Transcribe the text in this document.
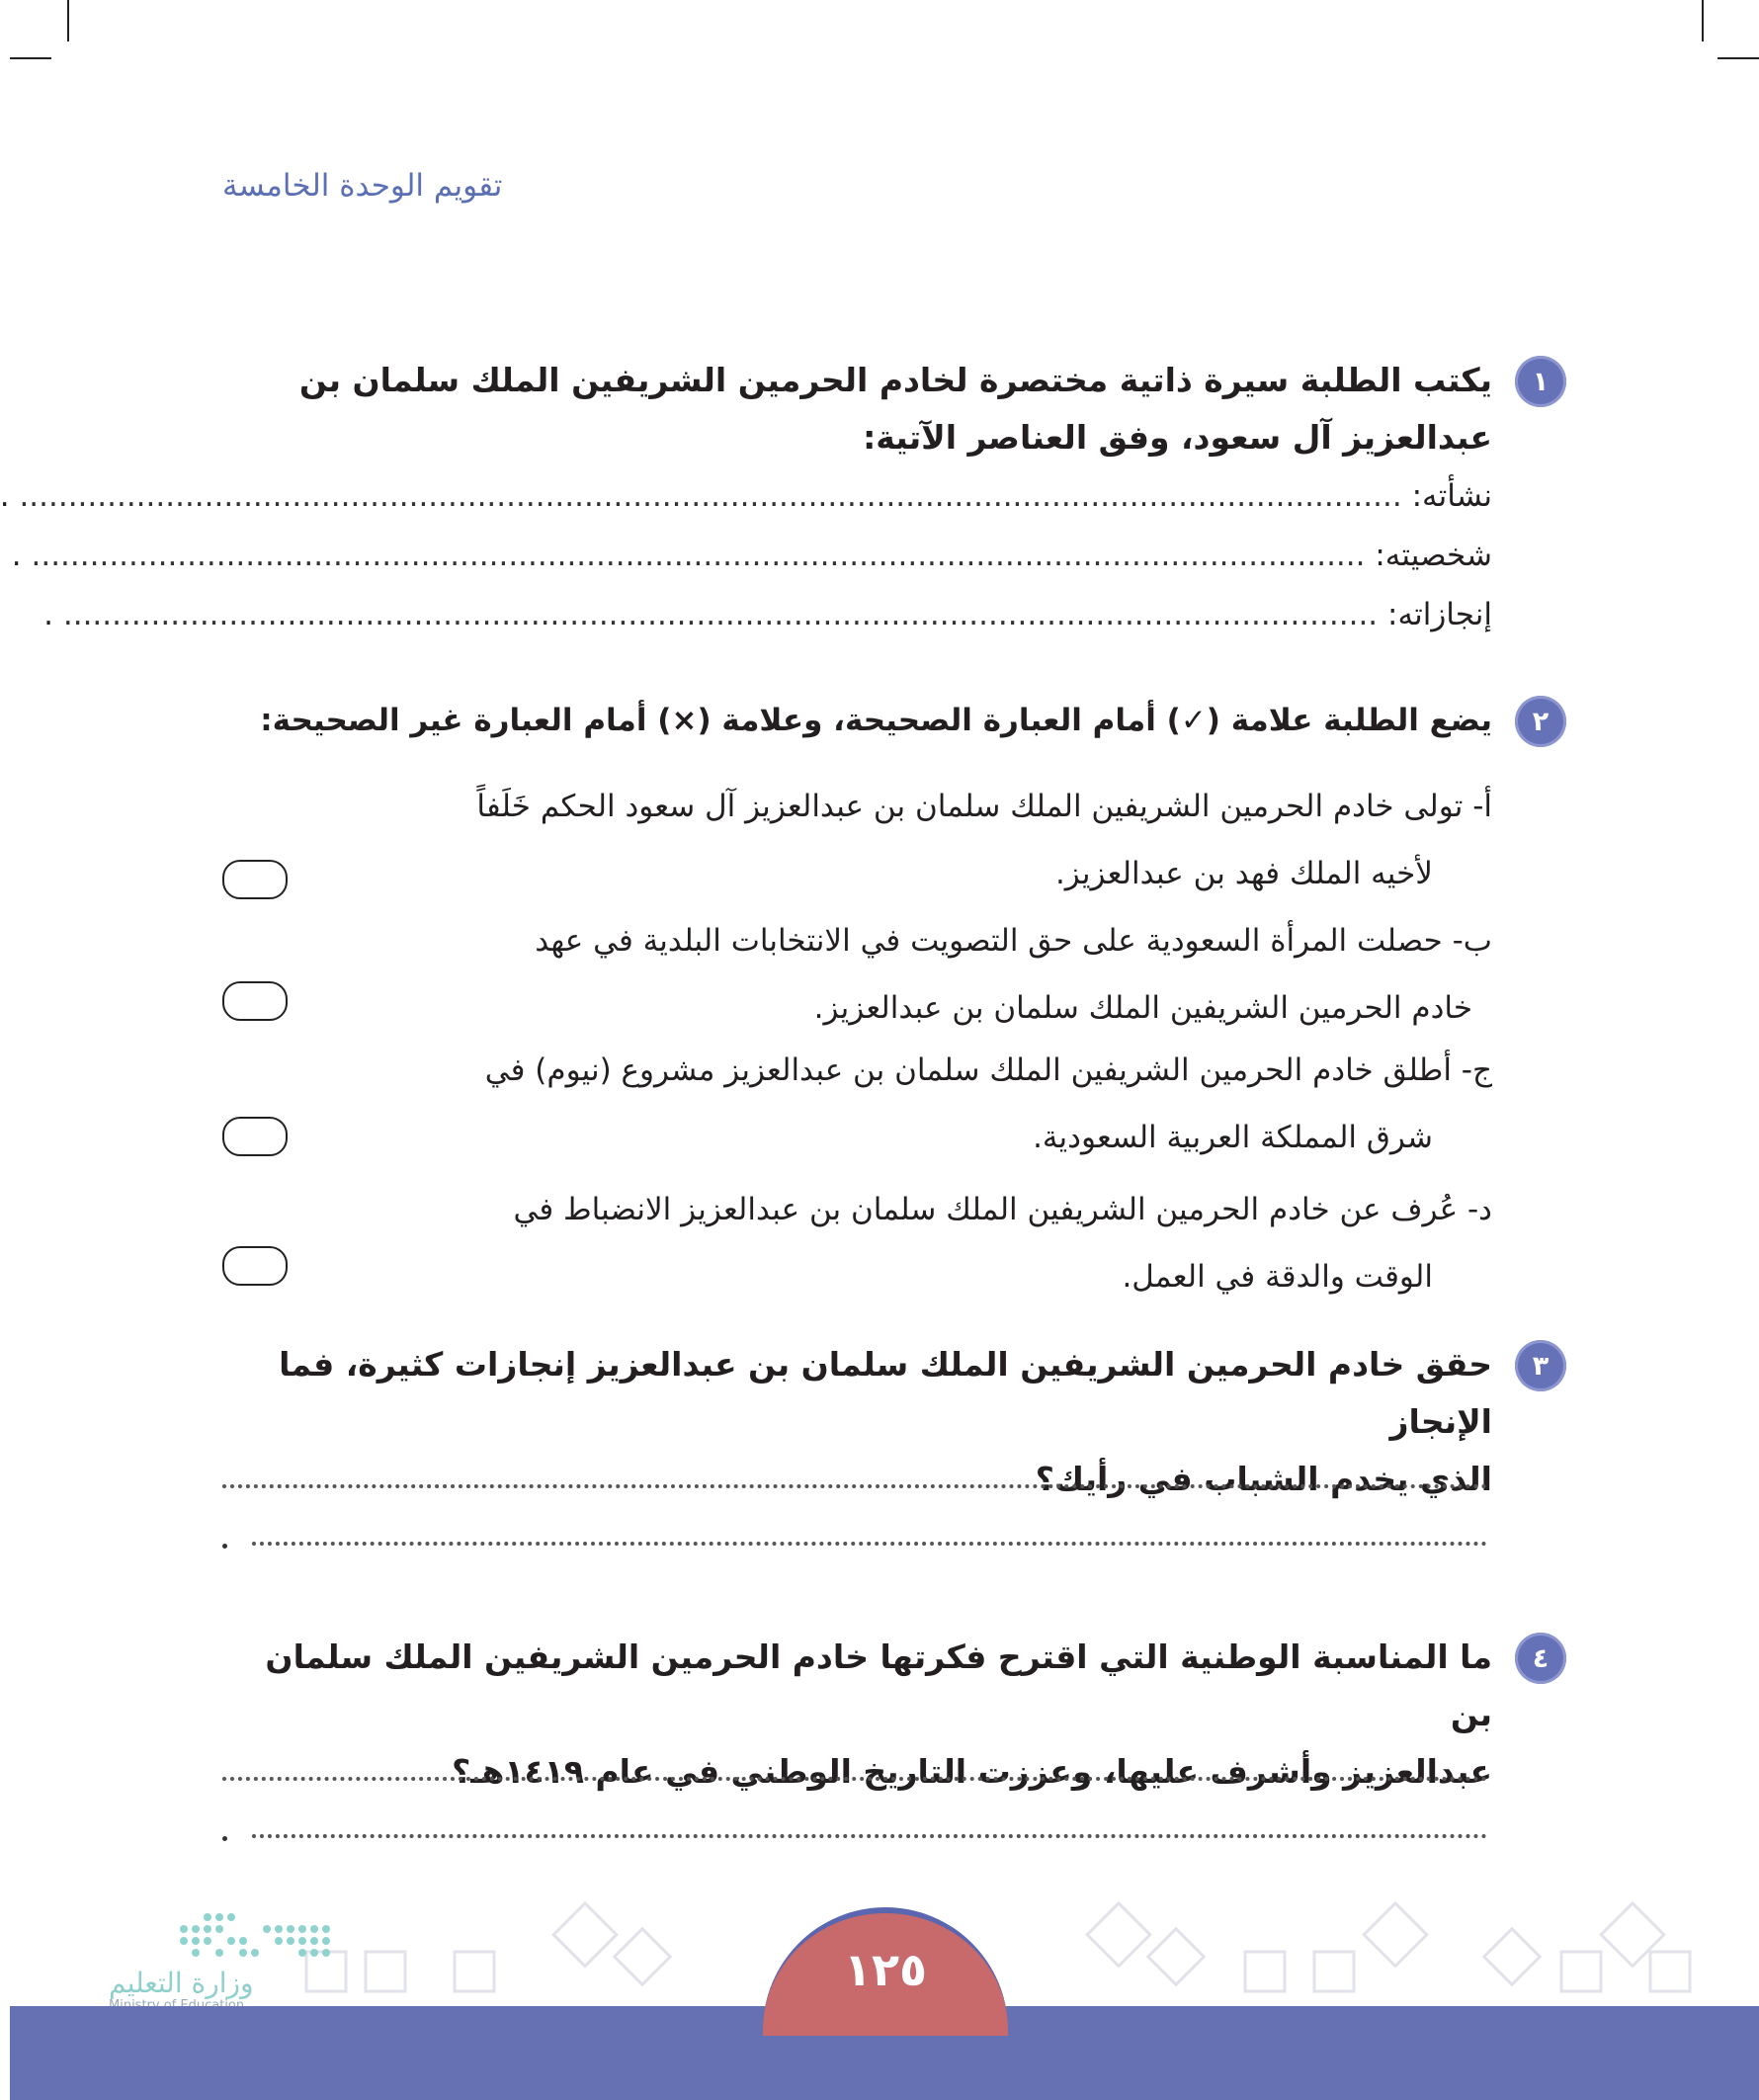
تقويم الوحدة الخامسة
١

يكتب الطلبة سيرة ذاتية مختصرة لخادم الحرمين الشريفين الملك سلمان بن
عبدالعزيز آل سعود، وفق العناصر الآتية:

نشأته: .............................................................................................................................................. .
شخصيته: ......................................................................................................................................... .
إنجازاته: ....................................................................................................................................... .
٢

يضع الطلبة علامة (✓) أمام العبارة الصحيحة، وعلامة (×) أمام العبارة غير الصحيحة:

أ- تولى خادم الحرمين الشريفين الملك سلمان بن عبدالعزيز آل سعود الحكم خَلَفاً
لأخيه الملك فهد بن عبدالعزيز.
ب- حصلت المرأة السعودية على حق التصويت في الانتخابات البلدية في عهد
خادم الحرمين الشريفين الملك سلمان بن عبدالعزيز.
ج- أطلق خادم الحرمين الشريفين الملك سلمان بن عبدالعزيز مشروع (نيوم) في
شرق المملكة العربية السعودية.
د- عُرف عن خادم الحرمين الشريفين الملك سلمان بن عبدالعزيز الانضباط في
الوقت والدقة في العمل.
٣

حقق خادم الحرمين الشريفين الملك سلمان بن عبدالعزيز إنجازات كثيرة، فما الإنجاز
الذي يخدم الشباب في رأيك؟

٤

ما المناسبة الوطنية التي اقترح فكرتها خادم الحرمين الشريفين الملك سلمان بن
عبدالعزيز وأشرف عليها، وعززت التاريخ الوطني في عام ١٤١٩هـ؟

وزارة التعليم	١٢٥
